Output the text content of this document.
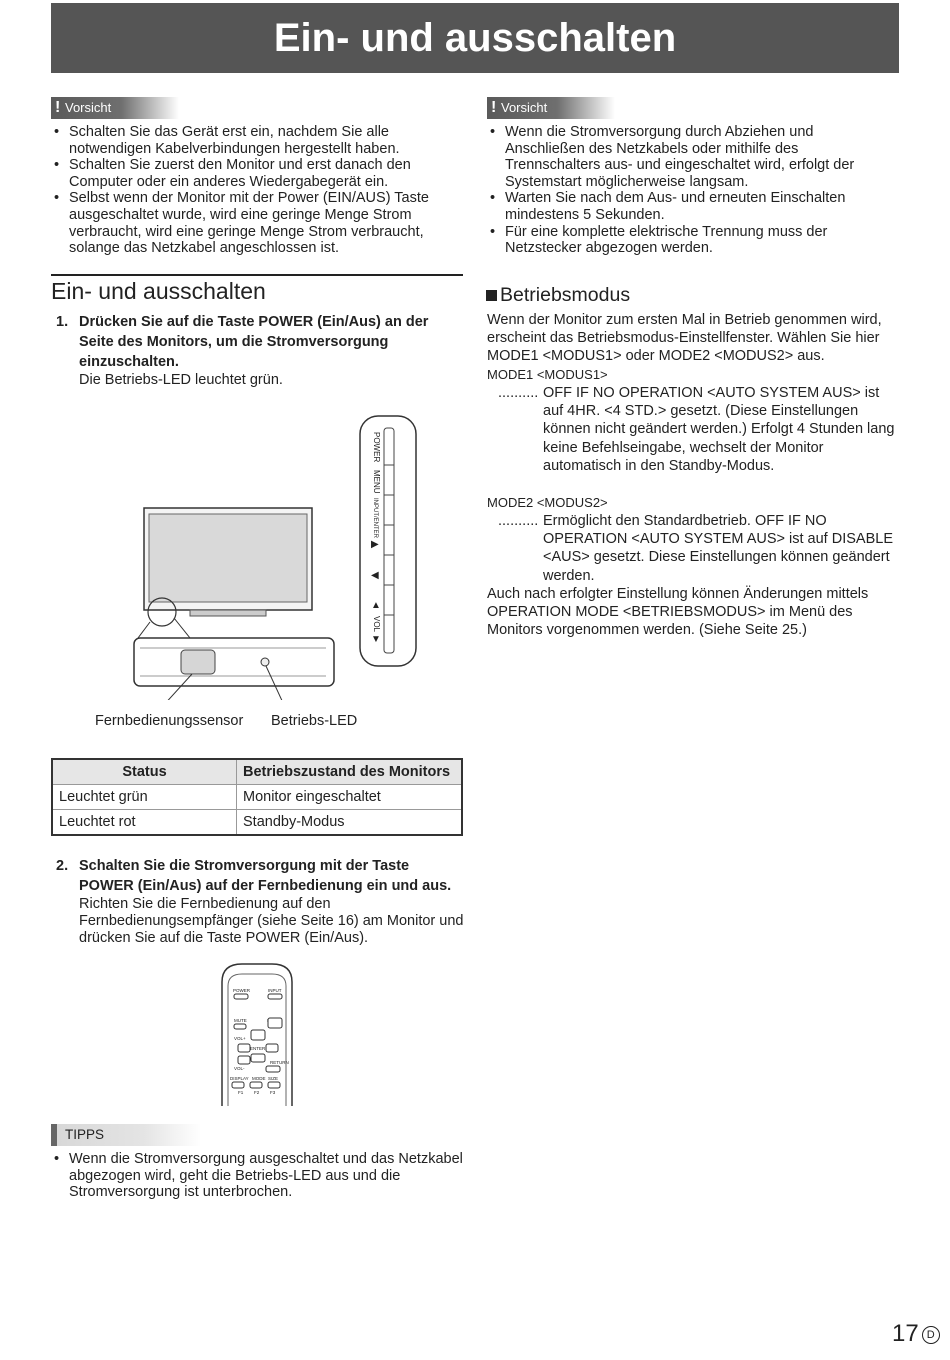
Ein- und ausschalten
! Vorsicht
• Schalten Sie das Gerät erst ein, nachdem Sie alle notwendigen Kabelverbindungen hergestellt haben.
• Schalten Sie zuerst den Monitor und erst danach den Computer oder ein anderes Wiedergabegerät ein.
• Selbst wenn der Monitor mit der Power (EIN/AUS) Taste ausgeschaltet wurde, wird eine geringe Menge Strom verbraucht, wird eine geringe Menge Strom verbraucht, solange das Netzkabel angeschlossen ist.
Ein- und ausschalten
1. Drücken Sie auf die Taste POWER (Ein/Aus) an der Seite des Monitors, um die Stromversorgung einzuschalten.
Die Betriebs-LED leuchtet grün.
POWER
MENU
INPUT/ENTER
▶
◀
▲
VOL
▼
Fernbedienungssensor Betriebs-LED
Status	Betriebszustand des Monitors
Leuchtet grün	Monitor eingeschaltet
Leuchtet rot	Standby-Modus
2. Schalten Sie die Stromversorgung mit der Taste POWER (Ein/Aus) auf der Fernbedienung ein und aus.
Richten Sie die Fernbedienung auf den Fernbedienungsempfänger (siehe Seite 16) am Monitor und drücken Sie auf die Taste POWER (Ein/Aus).
POWER	INPUT
MUTE
VOL+
ENTER
VOL-
RETURN
DISPLAY MODE SIZE
F1 F2 F3
TIPPS
• Wenn die Stromversorgung ausgeschaltet und das Netzkabel abgezogen wird, geht die Betriebs-LED aus und die Stromversorgung ist unterbrochen.
! Vorsicht
• Wenn die Stromversorgung durch Abziehen und Anschließen des Netzkabels oder mithilfe des Trennschalters aus- und eingeschaltet wird, erfolgt der Systemstart möglicherweise langsam.
• Warten Sie nach dem Aus- und erneuten Einschalten mindestens 5 Sekunden.
• Für eine komplette elektrische Trennung muss der Netzstecker abgezogen werden.
Betriebsmodus
Wenn der Monitor zum ersten Mal in Betrieb genommen wird, erscheint das Betriebsmodus-Einstellfenster. Wählen Sie hier MODE1 <MODUS1> oder MODE2 <MODUS2> aus.
MODE1 <MODUS1>
.......... OFF IF NO OPERATION <AUTO SYSTEM AUS> ist auf 4HR. <4 STD.> gesetzt. (Diese Einstellungen können nicht geändert werden.) Erfolgt 4 Stunden lang keine Befehlseingabe, wechselt der Monitor automatisch in den Standby-Modus.
MODE2 <MODUS2>
.......... Ermöglicht den Standardbetrieb. OFF IF NO OPERATION <AUTO SYSTEM AUS> ist auf DISABLE <AUS> gesetzt. Diese Einstellungen können geändert werden.
Auch nach erfolgter Einstellung können Änderungen mittels OPERATION MODE <BETRIEBSMODUS> im Menü des Monitors vorgenommen werden. (Siehe Seite 25.)
17 D
